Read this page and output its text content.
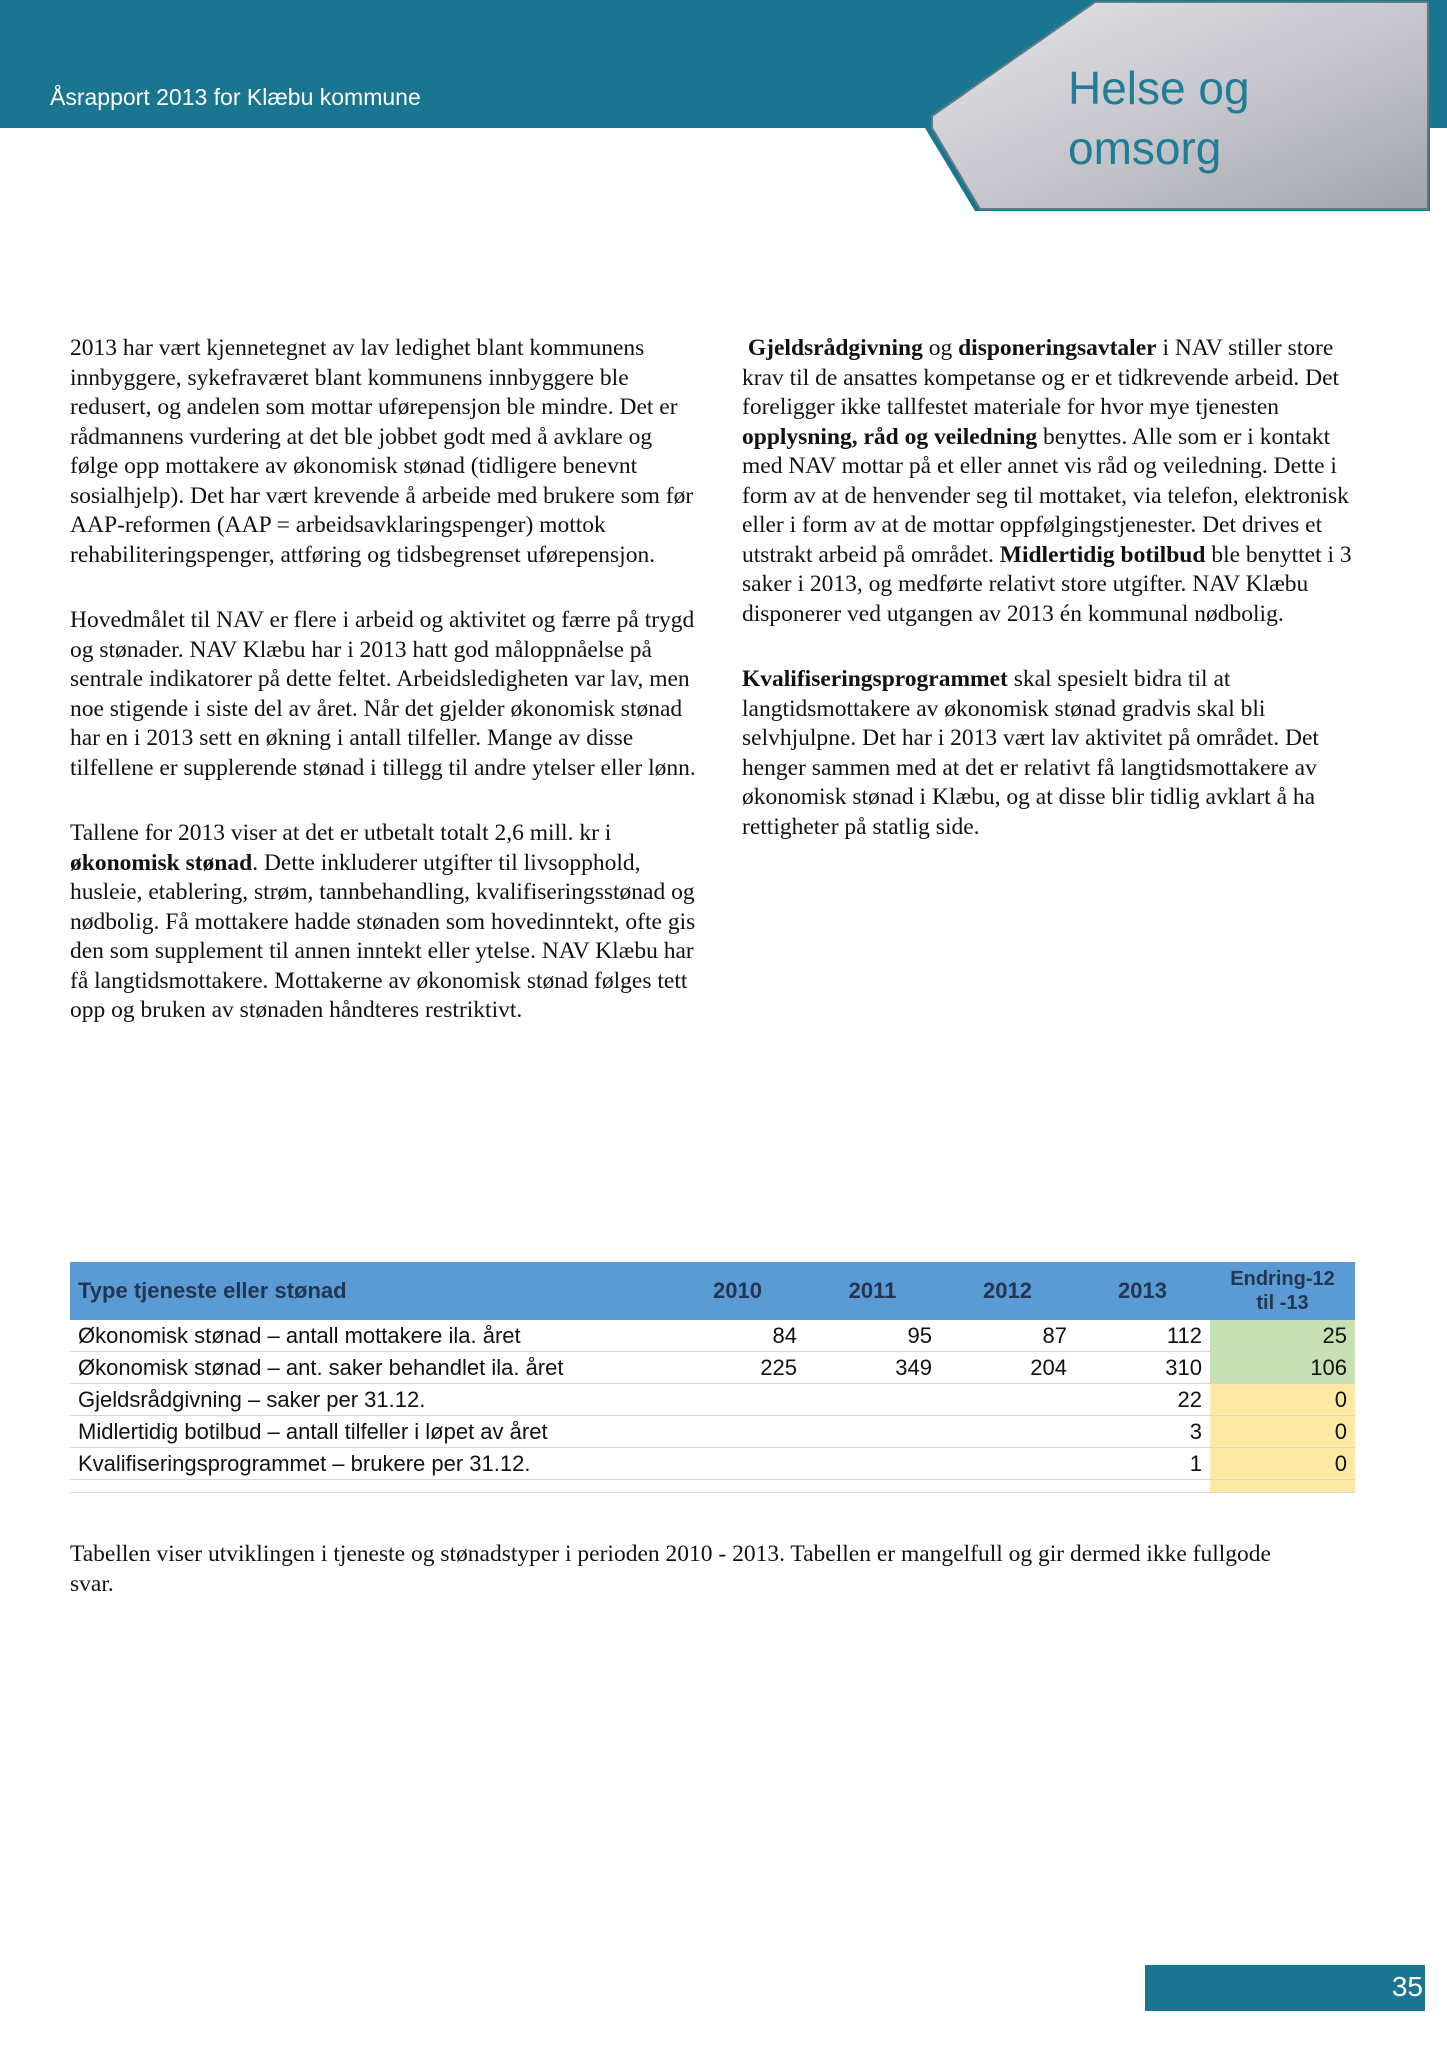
Åsrapport 2013 for Klæbu kommune	Helse og
omsorg

2013 har vært kjennetegnet av lav ledighet blant kommunens innbyggere, sykefraværet blant kommunens innbyggere ble redusert, og andelen som mottar uførepensjon ble mindre. Det er rådmannens vurdering at det ble jobbet godt med å avklare og følge opp mottakere av økonomisk stønad (tidligere benevnt sosialhjelp). Det har vært krevende å arbeide med brukere som før AAP-reformen (AAP = arbeidsavklaringspenger) mottok rehabiliteringspenger, attføring og tidsbegrenset uførepensjon.

Hovedmålet til NAV er flere i arbeid og aktivitet og færre på trygd og stønader. NAV Klæbu har i 2013 hatt god måloppnåelse på sentrale indikatorer på dette feltet. Arbeidsledigheten var lav, men noe stigende i siste del av året. Når det gjelder økonomisk stønad har en i 2013 sett en økning i antall tilfeller. Mange av disse tilfellene er supplerende stønad i tillegg til andre ytelser eller lønn.

Tallene for 2013 viser at det er utbetalt totalt 2,6 mill. kr i økonomisk stønad. Dette inkluderer utgifter til livsopphold, husleie, etablering, strøm, tannbehandling, kvalifiseringsstønad og nødbolig. Få mottakere hadde stønaden som hovedinntekt, ofte gis den som supplement til annen inntekt eller ytelse. NAV Klæbu har få langtidsmottakere. Mottakerne av økonomisk stønad følges tett opp og bruken av stønaden håndteres restriktivt.

Gjeldsrådgivning og disponeringsavtaler i NAV stiller store krav til de ansattes kompetanse og er et tidkrevende arbeid. Det foreligger ikke tallfestet materiale for hvor mye tjenesten opplysning, råd og veiledning benyttes. Alle som er i kontakt med NAV mottar på et eller annet vis råd og veiledning. Dette i form av at de henvender seg til mottaket, via telefon, elektronisk eller i form av at de mottar oppfølgingstjenester. Det drives et utstrakt arbeid på området. Midlertidig botilbud ble benyttet i 3 saker i 2013, og medførte relativt store utgifter. NAV Klæbu disponerer ved utgangen av 2013 én kommunal nødbolig.

Kvalifiseringsprogrammet skal spesielt bidra til at langtidsmottakere av økonomisk stønad gradvis skal bli selvhjulpne. Det har i 2013 vært lav aktivitet på området. Det henger sammen med at det er relativt få langtidsmottakere av økonomisk stønad i Klæbu, og at disse blir tidlig avklart å ha rettigheter på statlig side.

Type tjeneste eller stønad	2010	2011	2012	2013	Endring-12
til -13
Økonomisk stønad – antall mottakere ila. året	84	95	87	112	25
Økonomisk stønad – ant. saker behandlet ila. året	225	349	204	310	106
Gjeldsrådgivning – saker per 31.12.				22	0
Midlertidig botilbud – antall tilfeller i løpet av året				3	0
Kvalifiseringsprogrammet – brukere per 31.12.				1	0

Tabellen viser utviklingen i tjeneste og stønadstyper i perioden 2010 - 2013. Tabellen er mangelfull og gir dermed ikke fullgode svar.
35
